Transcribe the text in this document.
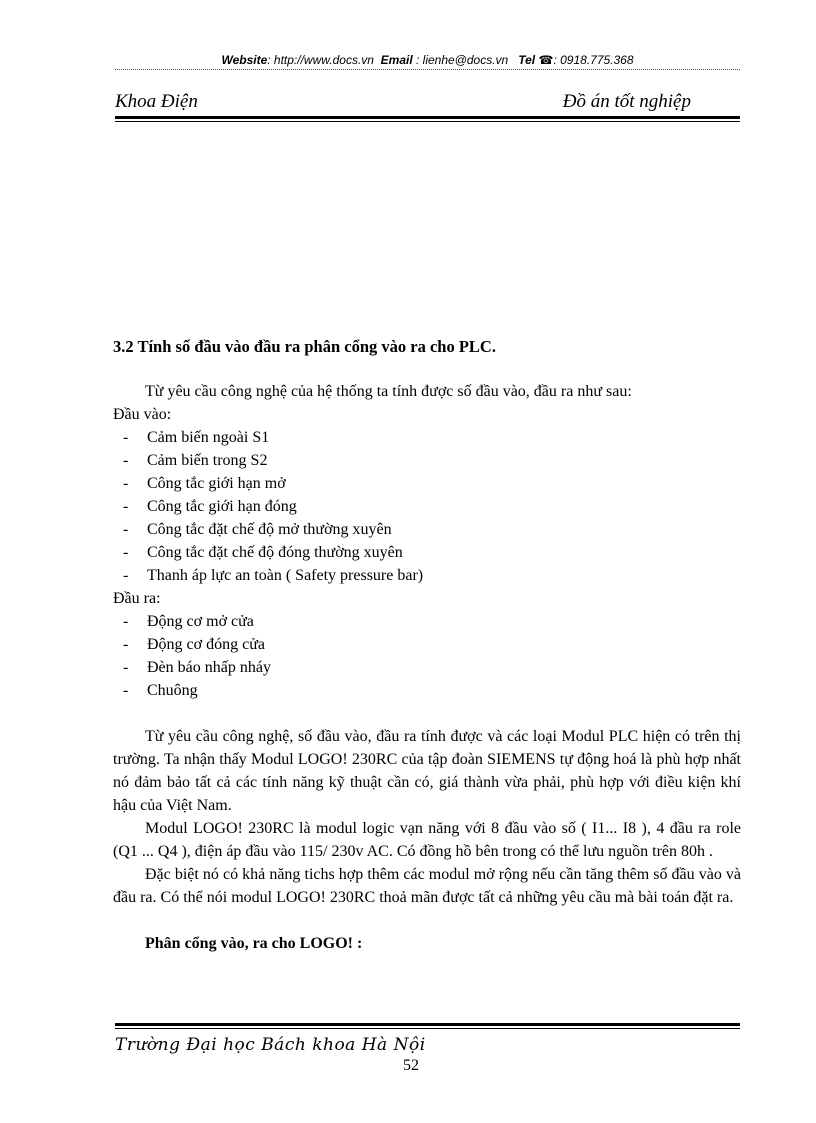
Website: http://www.docs.vn Email : lienhe@docs.vn Tel ☎: 0918.775.368
Khoa Điện	Đồ án tốt nghiệp

3.2 Tính số đầu vào đầu ra phân cổng vào ra cho PLC.

Từ yêu cầu công nghệ của hệ thống ta tính được số đầu vào, đầu ra như sau:

Đầu vào:

- Cảm biến ngoài S1
- Cảm biến trong S2
- Công tắc giới hạn mở
- Công tắc giới hạn đóng
- Công tắc đặt chế độ mở thường xuyên
- Công tắc đặt chế độ đóng thường xuyên
- Thanh áp lực an toàn ( Safety pressure bar)

Đầu ra:

- Động cơ mở cửa
- Động cơ đóng cửa
- Đèn báo nhấp nháy
- Chuông

Từ yêu cầu công nghệ, số đầu vào, đầu ra tính được và các loại Modul PLC hiện có trên thị trường. Ta nhận thấy Modul LOGO! 230RC của tập đoàn SIEMENS tự động hoá là phù hợp nhất nó đảm bảo tất cả các tính năng kỹ thuật cần có, giá thành vừa phải, phù hợp với điều kiện khí hậu của Việt Nam.

Modul LOGO! 230RC là modul logic vạn năng với 8 đầu vào số ( I1... I8 ), 4 đầu ra role (Q1 ... Q4 ), điện áp đầu vào 115/ 230v AC. Có đồng hồ bên trong có thể lưu nguồn trên 80h .

Đặc biệt nó có khả năng tichs hợp thêm các modul mở rộng nếu cần tăng thêm số đầu vào và đầu ra. Có thể nói modul LOGO! 230RC thoả mãn được tất cả những yêu cầu mà bài toán đặt ra.

Phân cổng vào, ra cho LOGO! :

Trường Đại học Bách khoa Hà Nội
52
